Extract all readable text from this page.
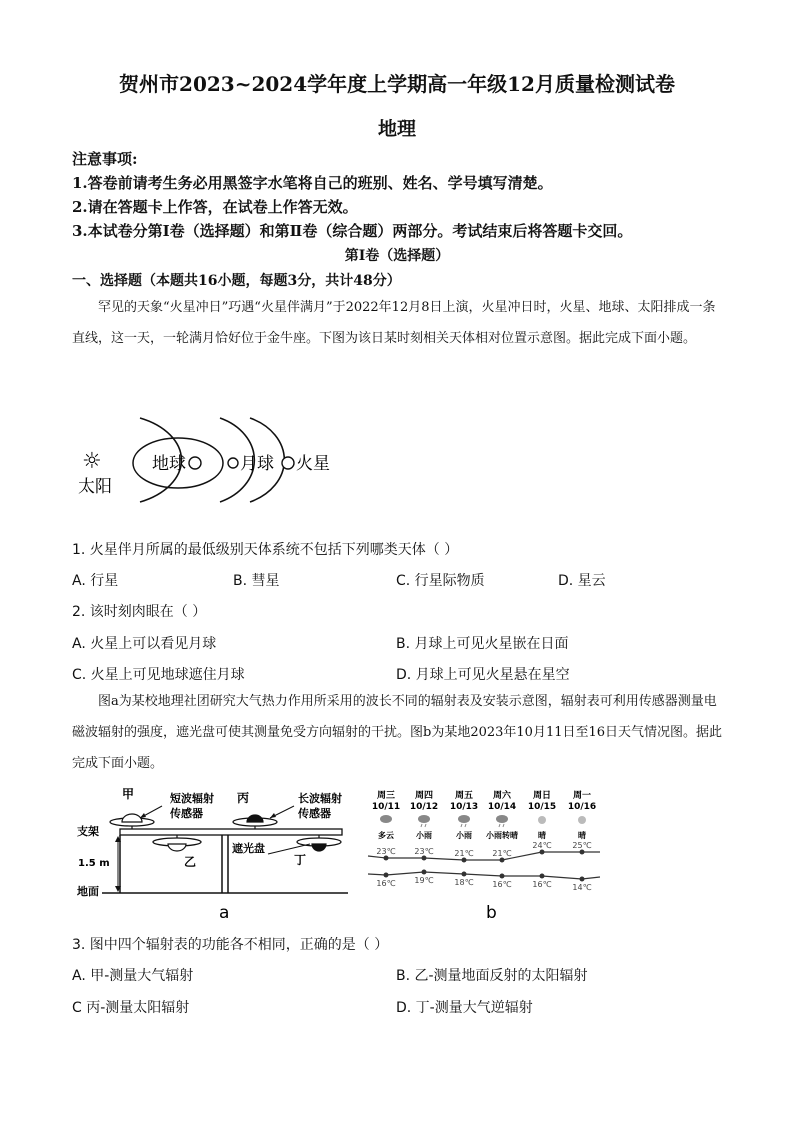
贺州市2023~2024学年度上学期高一年级12月质量检测试卷
地理
注意事项:
1.答卷前请考生务必用黑签字水笔将自己的班别、姓名、学号填写清楚。
2.请在答题卡上作答，在试卷上作答无效。
3.本试卷分第Ⅰ卷（选择题）和第Ⅱ卷（综合题）两部分。考试结束后将答题卡交回。
第Ⅰ卷（选择题）
一、选择题（本题共16小题，每题3分，共计48分）
罕见的天象“火星冲日”巧遇“火星伴满月”于2022年12月8日上演，火星冲日时，火星、地球、太阳排成一条直线，这一天，一轮满月恰好位于金牛座。下图为该日某时刻相关天体相对位置示意图。据此完成下面小题。
☼
太阳
地球	月球 火星
1. 火星伴月所属的最低级别天体系统不包括下列哪类天体（ ）
A. 行星	B. 彗星	C. 行星际物质	D. 星云
2. 该时刻肉眼在（ ）
A. 火星上可以看见月球	B. 月球上可见火星嵌在日面
C. 火星上可见地球遮住月球	D. 月球上可见火星悬在星空
图a为某校地理社团研究大气热力作用所采用的波长不同的辐射表及安装示意图，辐射表可利用传感器测量电磁波辐射的强度，遮光盘可使其测量免受方向辐射的干扰。图b为某地2023年10月11日至16日天气情况图。据此完成下面小题。
甲	短波辐射
传感器
丙	长波辐射
传感器
支架
1.5 m	乙
遮光盘
丁
地面
a
周三
10/11
多云
23℃
16℃
周四
10/12
小雨
23℃
19℃
周五
10/13
小雨
21℃
18℃
周六
10/14
小雨转晴
21℃
16℃
周日
10/15
晴
24℃
16℃
周一
10/16
晴
25℃
14℃
b
3. 图中四个辐射表的功能各不相同，正确的是（ ）
A. 甲-测量大气辐射	B. 乙-测量地面反射的太阳辐射
C 丙-测量太阳辐射	D. 丁-测量大气逆辐射
